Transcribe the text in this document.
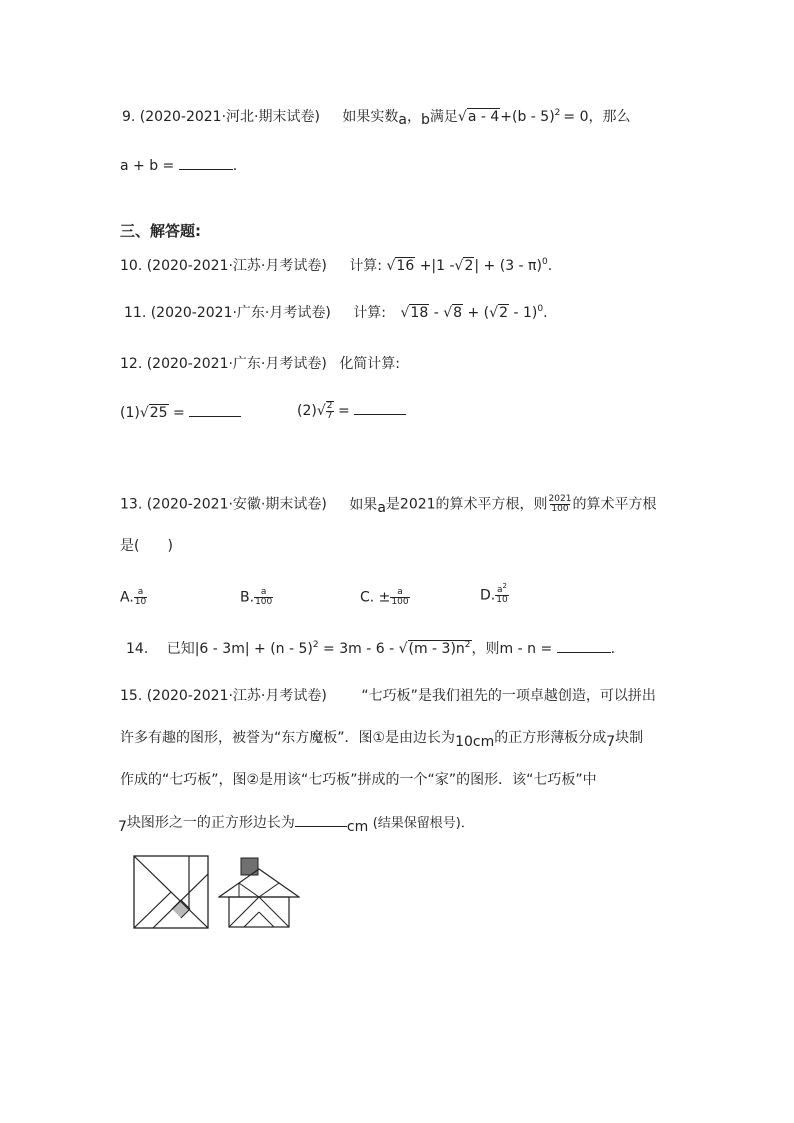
9. (2020-2021·河北·期末试卷) 如果实数a，b满足√a - 4+(b - 5)$^2$ = 0，那么
a + b =	.
三、解答题:
10. (2020-2021·江苏·月考试卷) 计算: √16 +|1 -√2| + (3 - π)$^0$.
11. (2020-2021·广东·月考试卷) 计算: √18 - √8 + (√2 - 1)$^0$.
12. (2020-2021·广东·月考试卷) 化简计算:
(1)√25 =	$(2)√ \frac{2}{7}$ =
13. (2020-2021·安徽·期末试卷) 如果a是2021的算术平方根，则 $\frac{2021}{100}$ 的算术平方根
是(　　)
A. $\frac{a}{10}$	B. $\frac{a}{100}$	C. ± $\frac{a}{100}$	D. $\frac{a^2}{10}$
14. 已知$|6 - 3m| + (n - 5)^2 = 3m - 6 - √(m - 3)n^2$，则m - n =	.
15. (2020-2021·江苏·月考试卷) “七巧板”是我们祖先的一项卓越创造，可以拼出
许多有趣的图形，被誉为“东方魔板”．图①是由边长为10cm的正方形薄板分成7块制
作成的“七巧板”，图②是用该“七巧板”拼成的一个“家”的图形．该“七巧板”中
7块图形之一的正方形边长为	cm (结果保留根号)．
